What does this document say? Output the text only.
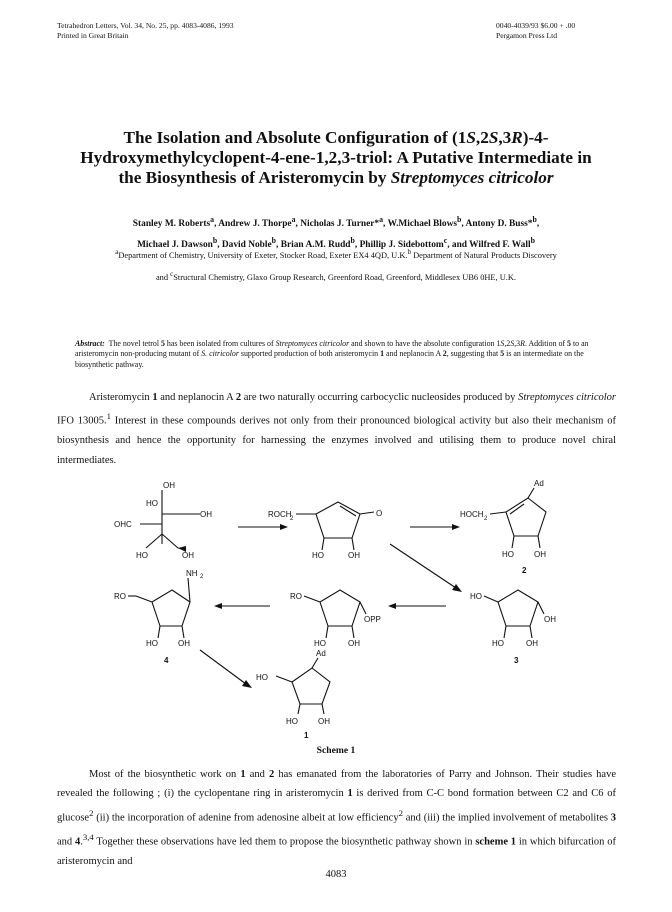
Tetrahedron Letters, Vol. 34, No. 25, pp. 4083-4086, 1993
Printed in Great Britain
0040-4039/93 $6.00 + .00
Pergamon Press Ltd
The Isolation and Absolute Configuration of (1S,2S,3R)-4-
Hydroxymethylcyclopent-4-ene-1,2,3-triol: A Putative Intermediate in
the Biosynthesis of Aristeromycin by Streptomyces citricolor
Stanley M. Roberts$^a$, Andrew J. Thorpe$^a$, Nicholas J. Turner*$^a$, W.Michael Blows$^b$, Antony D. Buss*$^b$,
Michael J. Dawson$^b$, David Noble$^b$, Brian A.M. Rudd$^b$, Phillip J. Sidebottom$^c$, and Wilfred F. Wall$^b$
$^a$Department of Chemistry, University of Exeter, Stocker Road, Exeter EX4 4QD, U.K.$^b$ Department of Natural Products Discovery
and $^c$Structural Chemistry, Glaxo Group Research, Greenford Road, Greenford, Middlesex UB6 0HE, U.K.
Abstract: The novel tetrol 5 has been isolated from cultures of Streptomyces citricolor and shown to have the absolute configuration 1S,2S,3R. Addition of 5 to an aristeromycin non-producing mutant of S. citricolor supported production of both aristeromycin 1 and neplanocin A 2, suggesting that 5 is an intermediate on the biosynthetic pathway.
Aristeromycin 1 and neplanocin A 2 are two naturally occurring carbocyclic nucleosides produced by Streptomyces citricolor IFO 13005.$^1$ Interest in these compounds derives not only from their pronounced biological activity but also their mechanism of biosynthesis and hence the opportunity for harnessing the enzymes involved and utilising them to produce novel chiral intermediates.
OH
HO
OH
OHC
HO	OH
ROCH
2
O
HO	OH
HOCH 2
Ad
HO	OH
2
NH 2
RO
HO	OH
4
RO
OPP
HO	OH
HO
OH
HO	OH
3
Ad
HO
HO	OH
1
Scheme 1
Most of the biosynthetic work on 1 and 2 has emanated from the laboratories of Parry and Johnson. Their studies have revealed the following ; (i) the cyclopentane ring in aristeromycin 1 is derived from C-C bond formation between C2 and C6 of glucose$^2$ (ii) the incorporation of adenine from adenosine albeit at low efficiency$^2$ and (iii) the implied involvement of metabolites 3 and 4.$^{3,4}$ Together these observations have led them to propose the biosynthetic pathway shown in scheme 1 in which bifurcation of aristeromycin and
4083
